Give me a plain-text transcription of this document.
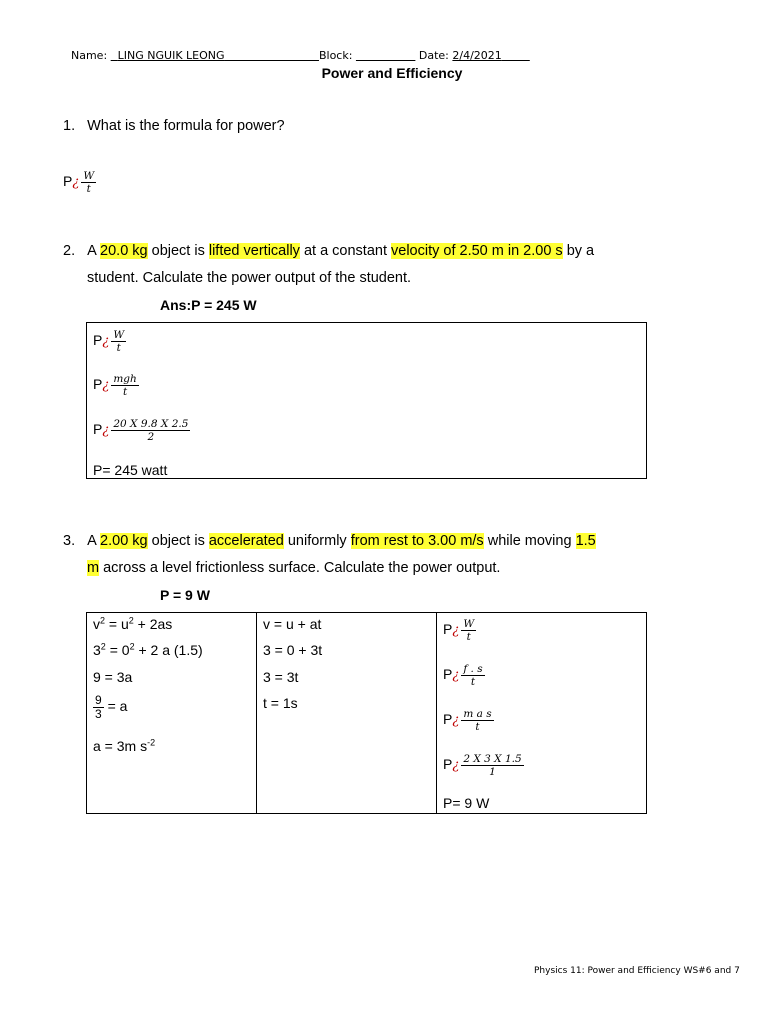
Name: LING NGUIK LEONG	Block:	Date: 2/4/2021
Power and Efficiency
1. What is the formula for power?
P¿ $\frac{W}{t}$
2. A 20.0 kg object is lifted vertically at a constant velocity of 2.50 m in 2.00 s by a
student. Calculate the power output of the student.
Ans:P = 245 W
P¿ $\frac{W}{t}$
P¿ $\frac{\text{mgh}}{t}$
P¿ $\frac{20 X 9.8 X 2.5}{2}$
P= 245 watt
3. A 2.00 kg object is accelerated uniformly from rest to 3.00 m/s while moving 1.5
m across a level frictionless surface. Calculate the power output.
P = 9 W
$v^2 = u^2 + 2as$
$3^2 = 0^2 + 2$ a (1.5)
9 = 3a
$\frac{9}{3} = a$
a = 3m $s^{-2}$
v = u + at
3 = 0 + 3t
3 = 3t
t = 1s
P¿ $\frac{W}{t}$
P¿ $\frac{f . s}{t}$
P¿ $\frac{\text{m a s}}{t}$
P¿ $\frac{2 X 3 X 1.5}{1}$
P= 9 W
Physics 11: Power and Efficiency WS#6 and 7
